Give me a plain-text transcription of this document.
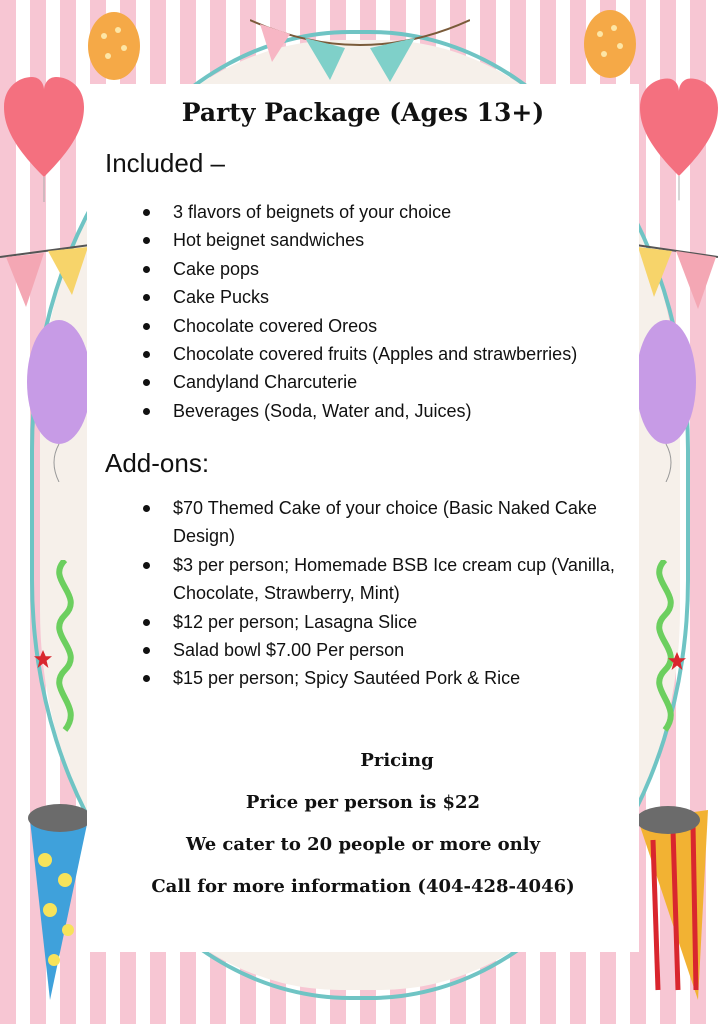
Party Package (Ages 13+)
Included –
3 flavors of beignets of your choice
Hot beignet sandwiches
Cake pops
Cake Pucks
Chocolate covered Oreos
Chocolate covered fruits (Apples and strawberries)
Candyland Charcuterie
Beverages (Soda, Water and, Juices)
Add-ons:
$70 Themed Cake of your choice (Basic Naked Cake Design)
$3 per person; Homemade BSB Ice cream cup (Vanilla, Chocolate, Strawberry, Mint)
$12 per person; Lasagna Slice
Salad bowl $7.00 Per person
$15 per person; Spicy Sautéed Pork & Rice
Pricing
Price per person is $22
We cater to 20 people or more only
Call for more information (404-428-4046)
